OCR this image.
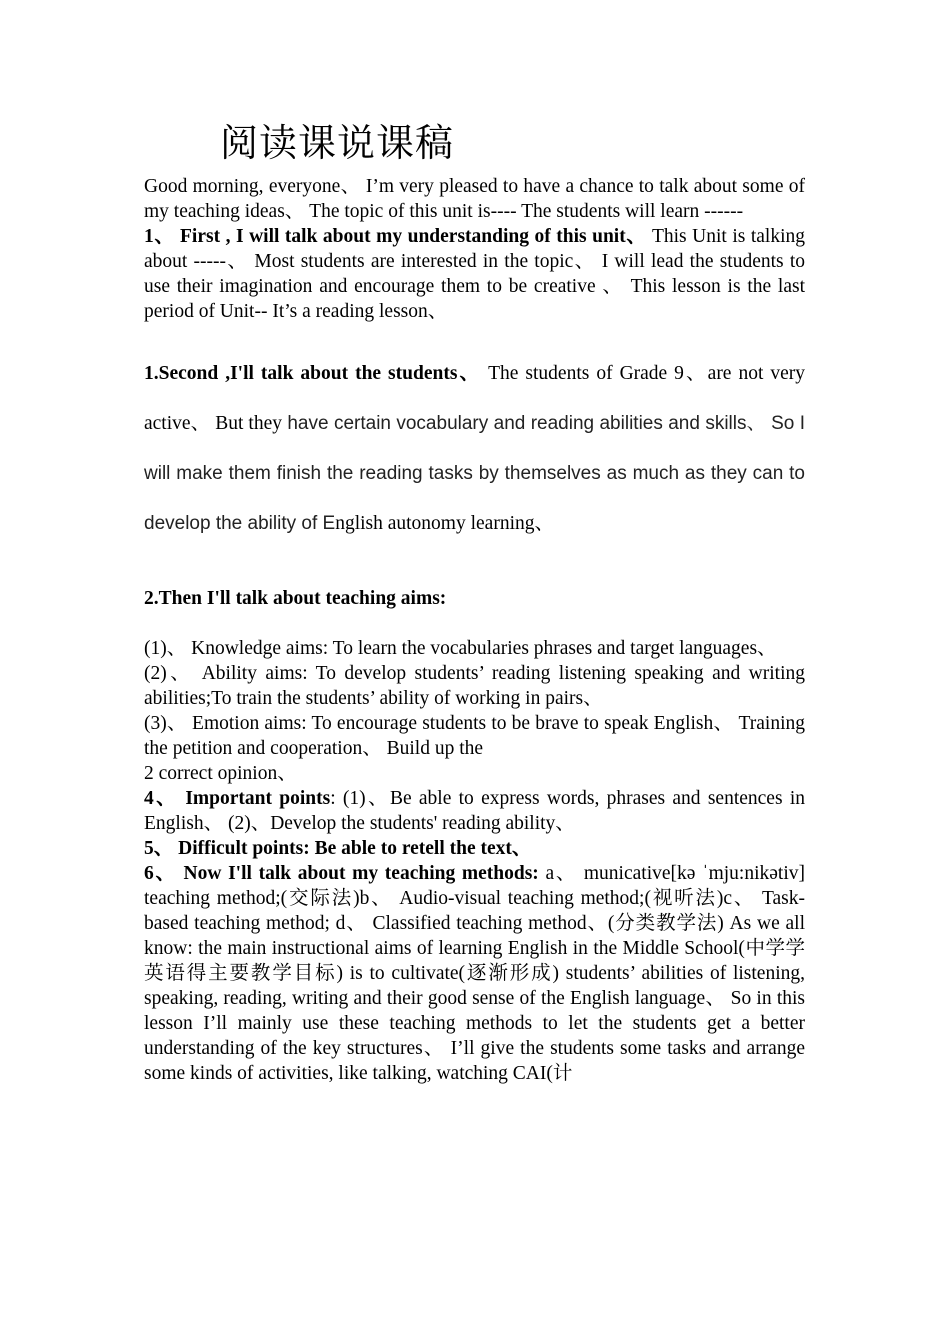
阅读课说课稿

Good morning, everyone、 I’m very pleased to have a chance to talk about some of my teaching ideas、 The topic of this unit is---- The students will learn ------

1、 First , I will talk about my understanding of this unit、 This Unit is talking about -----、 Most students are interested in the topic、 I will lead the students to use their imagination and encourage them to be creative 、 This lesson is the last period of Unit-- It’s a reading lesson、

1.Second ,I'll talk about the students、 The students of Grade 9、are not very active、 But they have certain vocabulary and reading abilities and skills、 So I will make them finish the reading tasks by themselves as much as they can to develop the ability of English autonomy learning、

2.Then I'll talk about teaching aims:

(1)、 Knowledge aims: To learn the vocabularies phrases and target languages、

(2)、 Ability aims: To develop students’ reading listening speaking and writing abilities;To train the students’ ability of working in pairs、

(3)、 Emotion aims: To encourage students to be brave to speak English、 Training the petition and cooperation、 Build up the

2 correct opinion、

4、 Important points: (1)、Be able to express words, phrases and sentences in English、 (2)、Develop the students' reading ability、

5、 Difficult points: Be able to retell the text、

6、 Now I'll talk about my teaching methods: a、 municative[kə ˈmju:nikətiv] teaching method;(交际法)b、 Audio-visual teaching method;(视听法)c、 Task-based teaching method; d、 Classified teaching method、(分类教学法) As we all know: the main instructional aims of learning English in the Middle School(中学学英语得主要教学目标) is to cultivate(逐渐形成) students’ abilities of listening, speaking, reading, writing and their good sense of the English language、 So in this lesson I’ll mainly use these teaching methods to let the students get a better understanding of the key structures、 I’ll give the students some tasks and arrange some kinds of activities, like talking, watching CAI(计
